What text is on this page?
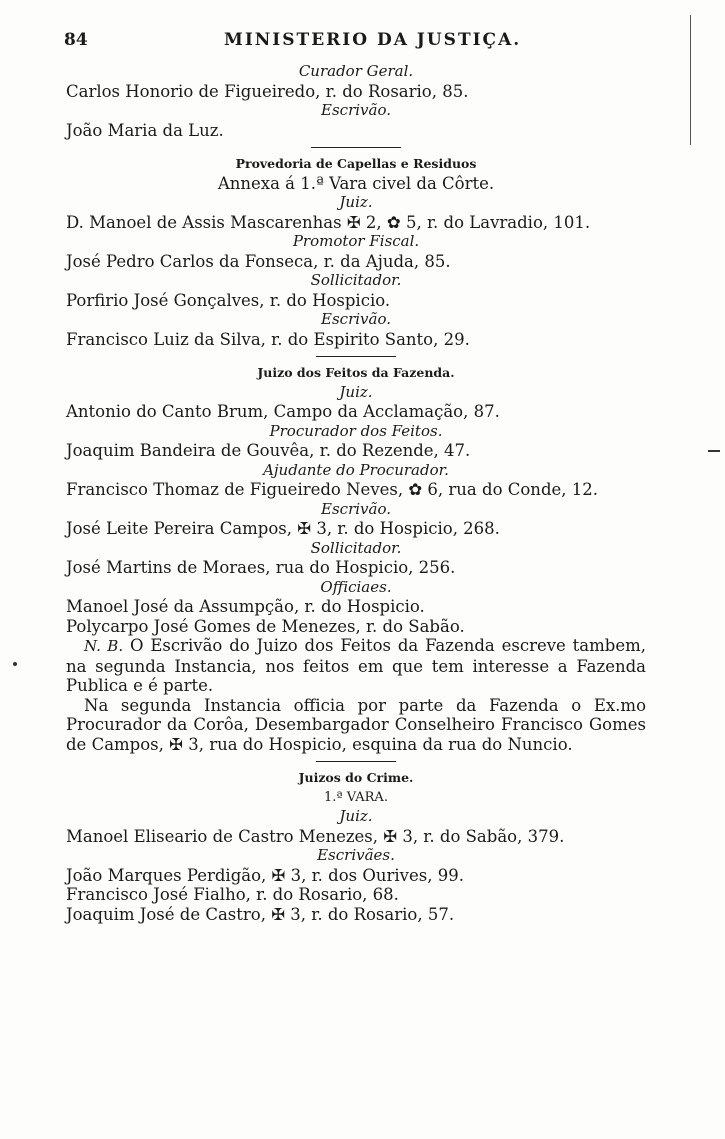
84	MINISTERIO DA JUSTIÇA.
Curador Geral.
Carlos Honorio de Figueiredo, r. do Rosario, 85.
Escrivão.
João Maria da Luz.
Provedoria de Capellas e Residuos
Annexa á 1.ª Vara civel da Côrte.
Juiz.
D. Manoel de Assis Mascarenhas ✠ 2, ✿ 5, r. do Lavradio, 101.
Promotor Fiscal.
José Pedro Carlos da Fonseca, r. da Ajuda, 85.
Sollicitador.
Porfirio José Gonçalves, r. do Hospicio.
Escrivão.
Francisco Luiz da Silva, r. do Espirito Santo, 29.
Juizo dos Feitos da Fazenda.
Juiz.
Antonio do Canto Brum, Campo da Acclamação, 87.
Procurador dos Feitos.
Joaquim Bandeira de Gouvêa, r. do Rezende, 47.
Ajudante do Procurador.
Francisco Thomaz de Figueiredo Neves, ✿ 6, rua do Conde, 12.
Escrivão.
José Leite Pereira Campos, ✠ 3, r. do Hospicio, 268.
Sollicitador.
José Martins de Moraes, rua do Hospicio, 256.
Officiaes.
Manoel José da Assumpção, r. do Hospicio.
Polycarpo José Gomes de Menezes, r. do Sabão.
N. B. O Escrivão do Juizo dos Feitos da Fazenda escreve tambem, na segunda Instancia, nos feitos em que tem interesse a Fazenda Publica e é parte.
Na segunda Instancia officia por parte da Fazenda o Ex.mo Procurador da Corôa, Desembargador Conselheiro Francisco Gomes de Campos, ✠ 3, rua do Hospicio, esquina da rua do Nuncio.
Juizos do Crime.
1.ª VARA.
Juiz.
Manoel Eliseario de Castro Menezes, ✠ 3, r. do Sabão, 379.
Escrivães.
João Marques Perdigão, ✠ 3, r. dos Ourives, 99.
Francisco José Fialho, r. do Rosario, 68.
Joaquim José de Castro, ✠ 3, r. do Rosario, 57.
